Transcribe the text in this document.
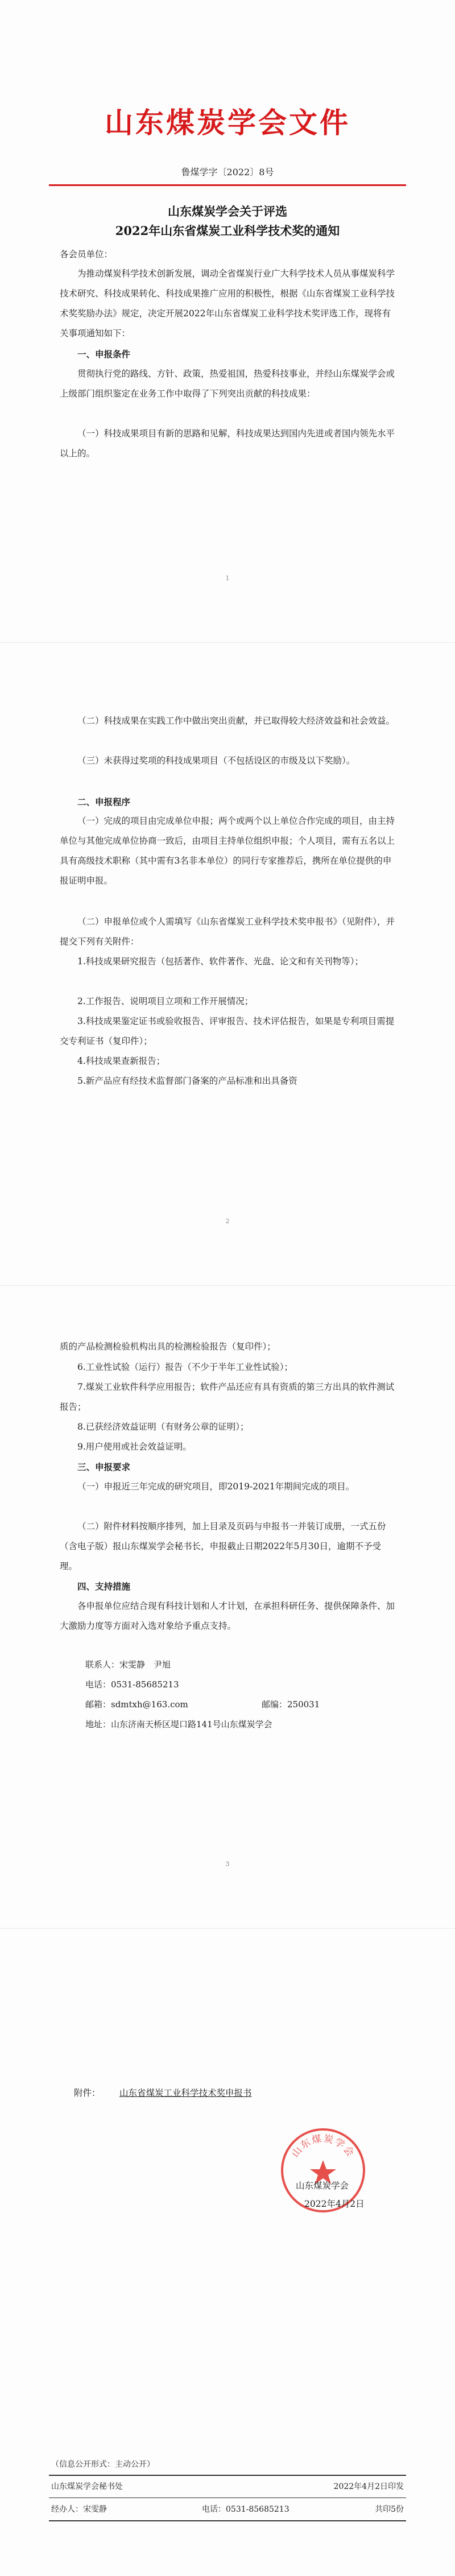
山东煤炭学会文件
鲁煤学字〔2022〕8号
山东煤炭学会关于评选
2022年山东省煤炭工业科学技术奖的通知
各会员单位：
为推动煤炭科学技术创新发展，调动全省煤炭行业广大科学技术人员从事煤炭科学技术研究、科技成果转化、科技成果推广应用的积极性，根据《山东省煤炭工业科学技术奖奖励办法》规定，决定开展2022年山东省煤炭工业科学技术奖评选工作，现将有关事项通知如下：
一、申报条件
贯彻执行党的路线、方针、政策，热爱祖国，热爱科技事业，并经山东煤炭学会或上级部门组织鉴定在业务工作中取得了下列突出贡献的科技成果：
（一）科技成果项目有新的思路和见解，科技成果达到国内先进或者国内领先水平以上的。
1
（二）科技成果在实践工作中做出突出贡献，并已取得较大经济效益和社会效益。
（三）未获得过奖项的科技成果项目（不包括设区的市级及以下奖励）。
二、申报程序
（一）完成的项目由完成单位申报；两个或两个以上单位合作完成的项目，由主持单位与其他完成单位协商一致后，由项目主持单位组织申报；个人项目，需有五名以上具有高级技术职称（其中需有3名非本单位）的同行专家推荐后，携所在单位提供的申报证明申报。
（二）申报单位或个人需填写《山东省煤炭工业科学技术奖申报书》（见附件），并提交下列有关附件：
1.科技成果研究报告（包括著作、软件著作、光盘、论文和有关刊物等）；
2.工作报告、说明项目立项和工作开展情况；
3.科技成果鉴定证书或验收报告、评审报告、技术评估报告，如果是专利项目需提交专利证书（复印件）；
4.科技成果查新报告；
5.新产品应有经技术监督部门备案的产品标准和出具备资
2
质的产品检测检验机构出具的检测检验报告（复印件）；
6.工业性试验（运行）报告（不少于半年工业性试验）；
7.煤炭工业软件科学应用报告；软件产品还应有具有资质的第三方出具的软件测试报告；
8.已获经济效益证明（有财务公章的证明）；
9.用户使用或社会效益证明。
三、申报要求
（一）申报近三年完成的研究项目，即2019-2021年期间完成的项目。
（二）附件材料按顺序排列，加上目录及页码与申报书一并装订成册，一式五份（含电子版）报山东煤炭学会秘书长，申报截止日期2022年5月30日，逾期不予受理。
四、支持措施
各申报单位应结合现有科技计划和人才计划，在承担科研任务、提供保障条件、加大激励力度等方面对入选对象给予重点支持。
联系人：宋雯静　尹旭
电话：0531-85685213
邮箱：sdmtxh@163.com	邮编：250031
地址：山东济南天桥区堤口路141号山东煤炭学会
3
附件： 山东省煤炭工业科学技术奖申报书
山东煤炭学会
山东煤炭学会
2022年4月2日
（信息公开形式：主动公开）
山东煤炭学会秘书处	2022年4月2日印发
经办人：宋雯静	电话：0531-85685213	共印5份
